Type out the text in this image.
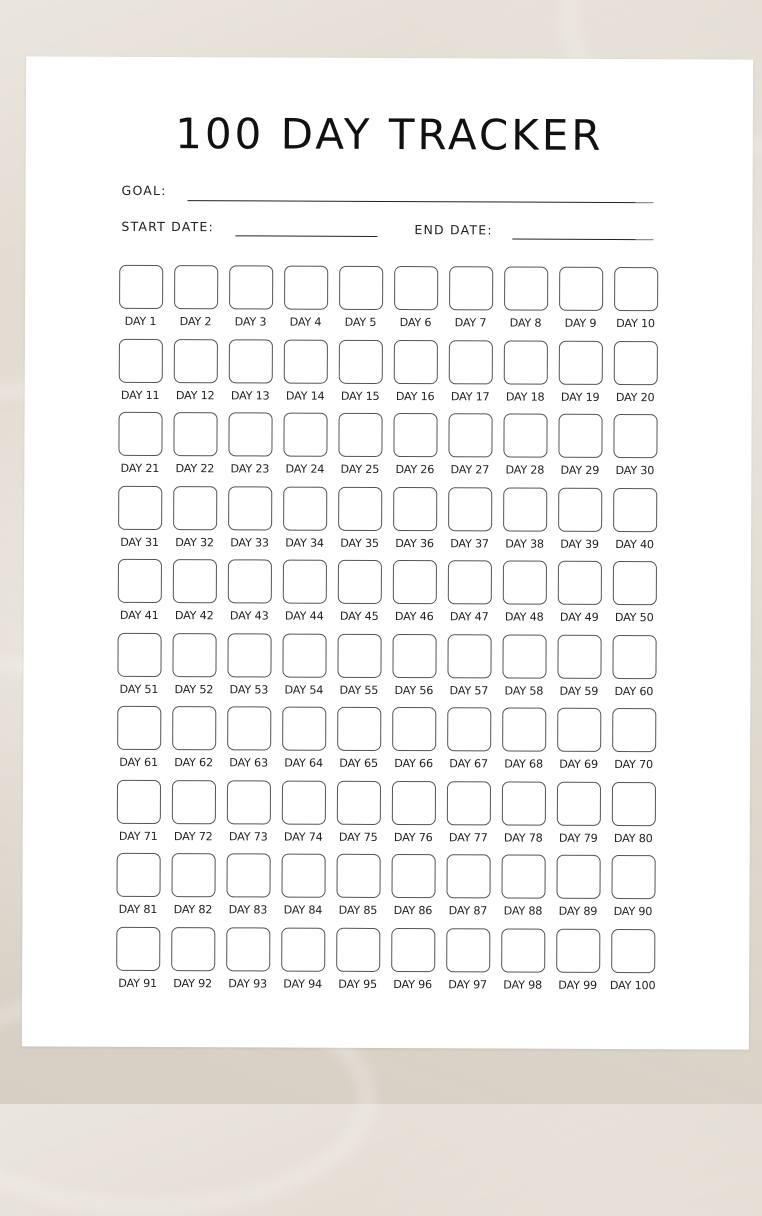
100 DAY TRACKER
GOAL:
START DATE:	END DATE:
DAY 1 DAY 2 DAY 3 DAY 4 DAY 5 DAY 6 DAY 7 DAY 8 DAY 9 DAY 10
DAY 11 DAY 12 DAY 13 DAY 14 DAY 15 DAY 16 DAY 17 DAY 18 DAY 19 DAY 20
DAY 21 DAY 22 DAY 23 DAY 24 DAY 25 DAY 26 DAY 27 DAY 28 DAY 29 DAY 30
DAY 31 DAY 32 DAY 33 DAY 34 DAY 35 DAY 36 DAY 37 DAY 38 DAY 39 DAY 40
DAY 41 DAY 42 DAY 43 DAY 44 DAY 45 DAY 46 DAY 47 DAY 48 DAY 49 DAY 50
DAY 51 DAY 52 DAY 53 DAY 54 DAY 55 DAY 56 DAY 57 DAY 58 DAY 59 DAY 60
DAY 61 DAY 62 DAY 63 DAY 64 DAY 65 DAY 66 DAY 67 DAY 68 DAY 69 DAY 70
DAY 71 DAY 72 DAY 73 DAY 74 DAY 75 DAY 76 DAY 77 DAY 78 DAY 79 DAY 80
DAY 81 DAY 82 DAY 83 DAY 84 DAY 85 DAY 86 DAY 87 DAY 88 DAY 89 DAY 90
DAY 91 DAY 92 DAY 93 DAY 94 DAY 95 DAY 96 DAY 97 DAY 98 DAY 99 DAY 100
